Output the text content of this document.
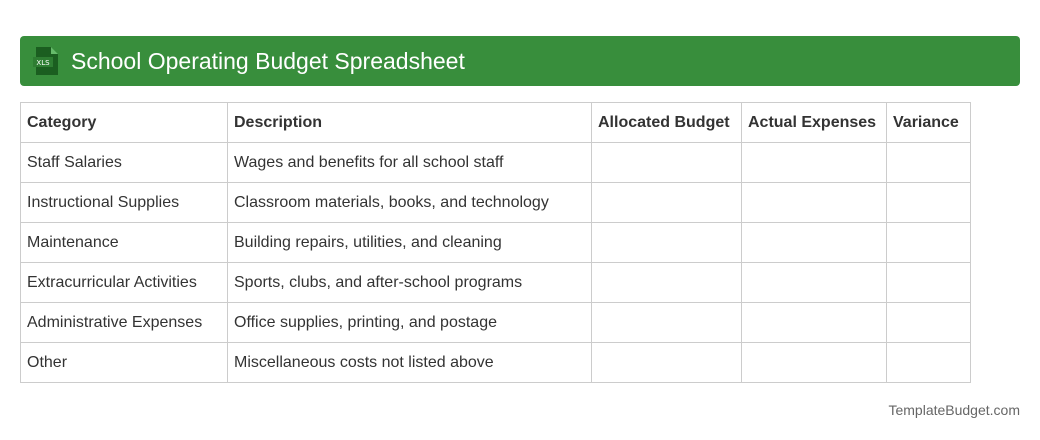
XLS School Operating Budget Spreadsheet
Category	Description	Allocated Budget	Actual Expenses	Variance
Staff Salaries	Wages and benefits for all school staff			
Instructional Supplies	Classroom materials, books, and technology			
Maintenance	Building repairs, utilities, and cleaning			
Extracurricular Activities	Sports, clubs, and after-school programs			
Administrative Expenses	Office supplies, printing, and postage			
Other	Miscellaneous costs not listed above			
TemplateBudget.com
